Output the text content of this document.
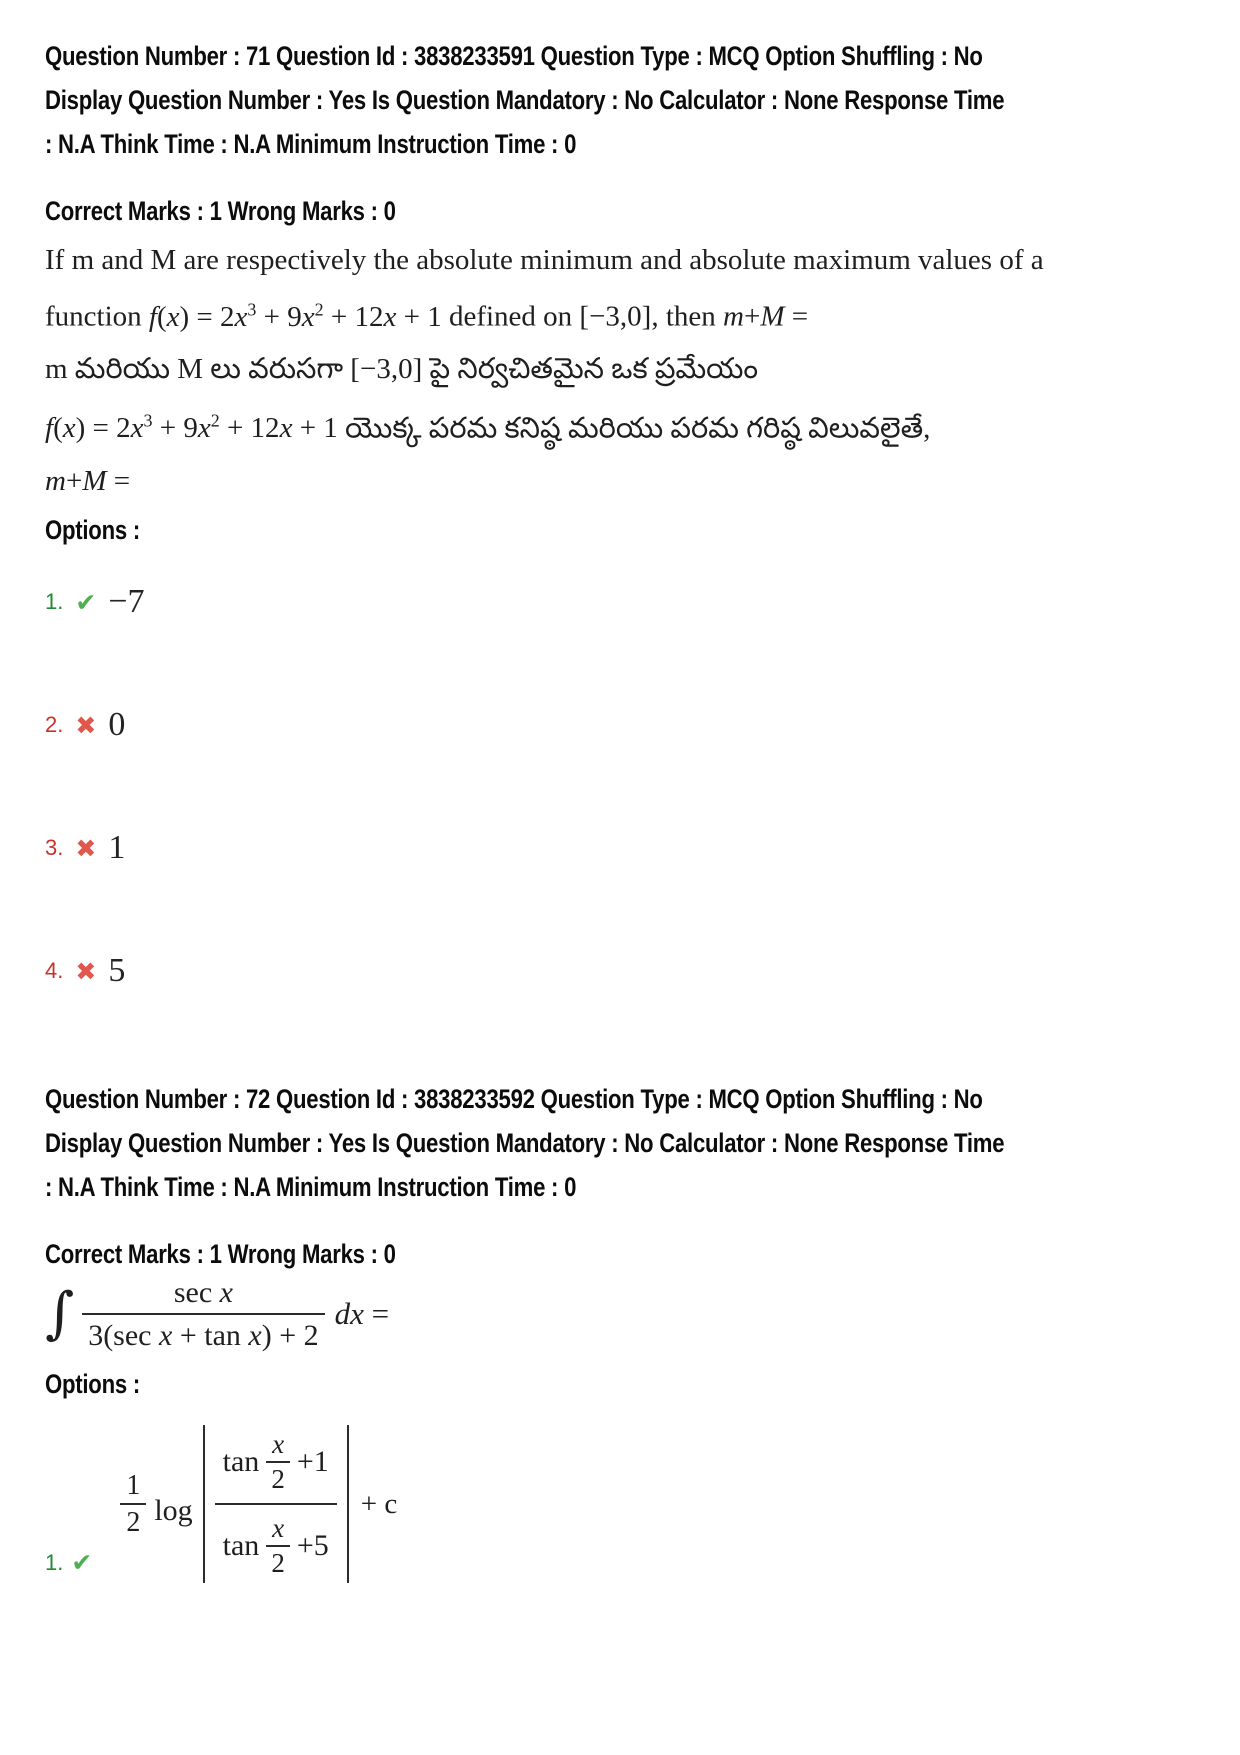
Question Number : 71 Question Id : 3838233591 Question Type : MCQ Option Shuffling : No
Display Question Number : Yes Is Question Mandatory : No Calculator : None Response Time
: N.A Think Time : N.A Minimum Instruction Time : 0
Correct Marks : 1 Wrong Marks : 0
If m and M are respectively the absolute minimum and absolute maximum values of a
function $f(x) = 2x^3 + 9x^2 + 12x + 1$ defined on [−3,0], then m+M =
m మరియు M లు వరుసగా [−3,0] పై నిర్వచితమైన ఒక ప్రమేయం
$f(x) = 2x^3 + 9x^2 + 12x + 1$ యొక్క పరమ కనిష్ఠ మరియు పరమ గరిష్ఠ విలువలైతే,
m+M =
Options :
1. ✔ −7
2. ✖ 0
3. ✖ 1
4. ✖ 5
Question Number : 72 Question Id : 3838233592 Question Type : MCQ Option Shuffling : No
Display Question Number : Yes Is Question Mandatory : No Calculator : None Response Time
: N.A Think Time : N.A Minimum Instruction Time : 0
Correct Marks : 1 Wrong Marks : 0
∫ $\frac{\text{sec x}}{\text{3(sec x + tan x) + 2}}$ dx =
Options :
1. ✔
$\frac{1}{2}$ log
$\tan \frac{x}{2} +1$
$\tan \frac{x}{2} +5$
+ c
